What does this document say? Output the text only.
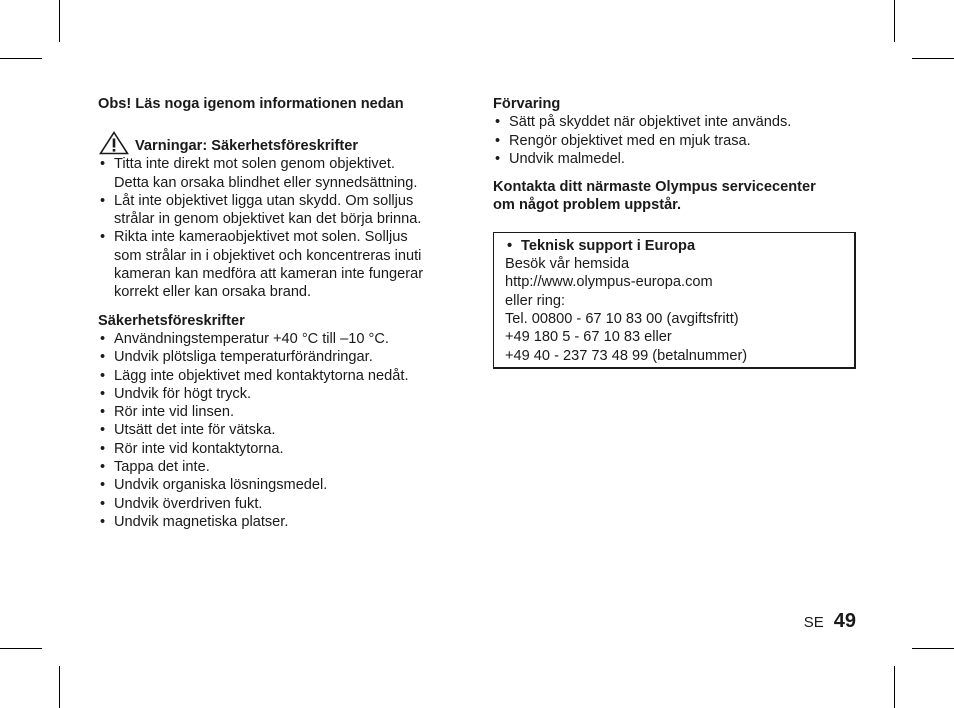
Obs! Läs noga igenom informationen nedan

Varningar: Säkerhetsföreskrifter
• Titta inte direkt mot solen genom objektivet.
Detta kan orsaka blindhet eller synnedsättning.
• Låt inte objektivet ligga utan skydd. Om solljus
strålar in genom objektivet kan det börja brinna.
• Rikta inte kameraobjektivet mot solen. Solljus
som strålar in i objektivet och koncentreras inuti
kameran kan medföra att kameran inte fungerar
korrekt eller kan orsaka brand.

Säkerhetsföreskrifter

• Användningstemperatur +40 °C till –10 °C.
• Undvik plötsliga temperaturförändringar.
• Lägg inte objektivet med kontaktytorna nedåt.
• Undvik för högt tryck.
• Rör inte vid linsen.
• Utsätt det inte för vätska.
• Rör inte vid kontaktytorna.
• Tappa det inte.
• Undvik organiska lösningsmedel.
• Undvik överdriven fukt.
• Undvik magnetiska platser.

Förvaring

• Sätt på skyddet när objektivet inte används.
• Rengör objektivet med en mjuk trasa.
• Undvik malmedel.

Kontakta ditt närmaste Olympus servicecenter
om något problem uppstår.

• Teknisk support i Europa
Besök vår hemsida
http://www.olympus-europa.com
eller ring:
Tel. 00800 - 67 10 83 00 (avgiftsfritt)
+49 180 5 - 67 10 83 eller
+49 40 - 237 73 48 99 (betalnummer)
SE 49
